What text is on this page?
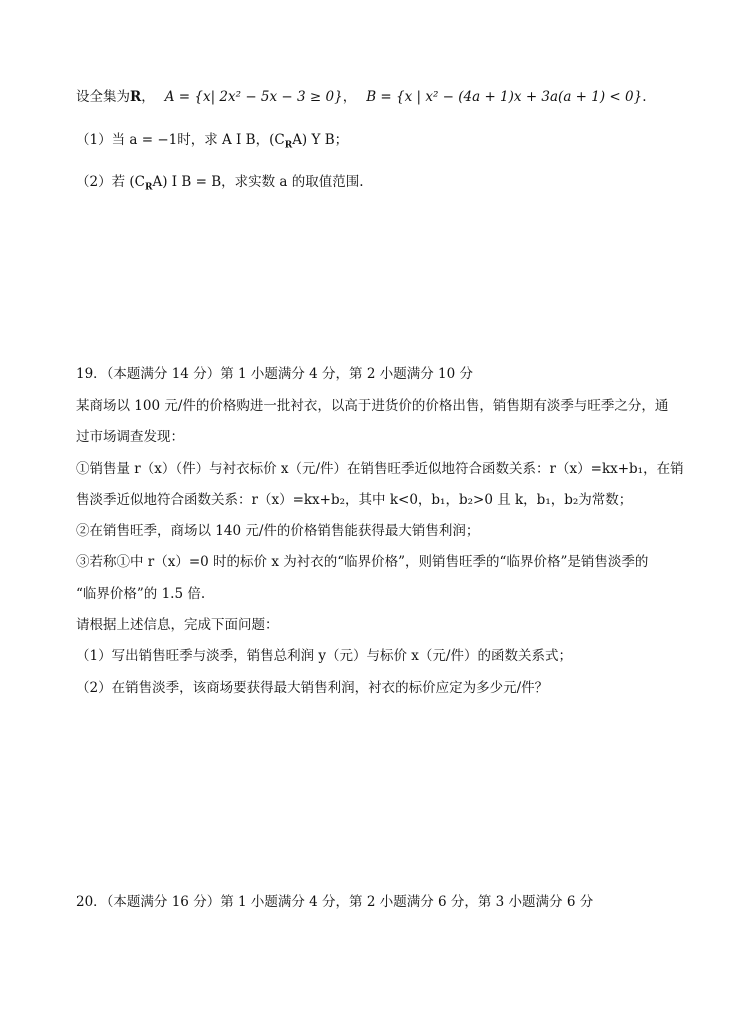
设全集为R， A = {x| 2x² − 5x − 3 ≥ 0}， B = {x | x² − (4a + 1)x + 3a(a + 1) < 0}.
（1）当 a = −1时，求 A I B，$(C_RA)$ Y B；
（2）若 $(C_RA)$ I B = B，求实数 a 的取值范围.
19．（本题满分 14 分）第 1 小题满分 4 分，第 2 小题满分 10 分
某商场以 100 元/件的价格购进一批衬衣，以高于进货价的价格出售，销售期有淡季与旺季之分，通
过市场调查发现：
①销售量 r（x）（件）与衬衣标价 x（元/件）在销售旺季近似地符合函数关系：r（x）=kx+b₁，在销
售淡季近似地符合函数关系：r（x）=kx+b₂，其中 k<0，b₁，b₂>0 且 k，b₁，b₂为常数；
②在销售旺季，商场以 140 元/件的价格销售能获得最大销售利润；
③若称①中 r（x）=0 时的标价 x 为衬衣的“临界价格”，则销售旺季的“临界价格”是销售淡季的
“临界价格”的 1.5 倍.
请根据上述信息，完成下面问题：
（1）写出销售旺季与淡季，销售总利润 y（元）与标价 x（元/件）的函数关系式；
（2）在销售淡季，该商场要获得最大销售利润，衬衣的标价应定为多少元/件？
20．（本题满分 16 分）第 1 小题满分 4 分，第 2 小题满分 6 分，第 3 小题满分 6 分
